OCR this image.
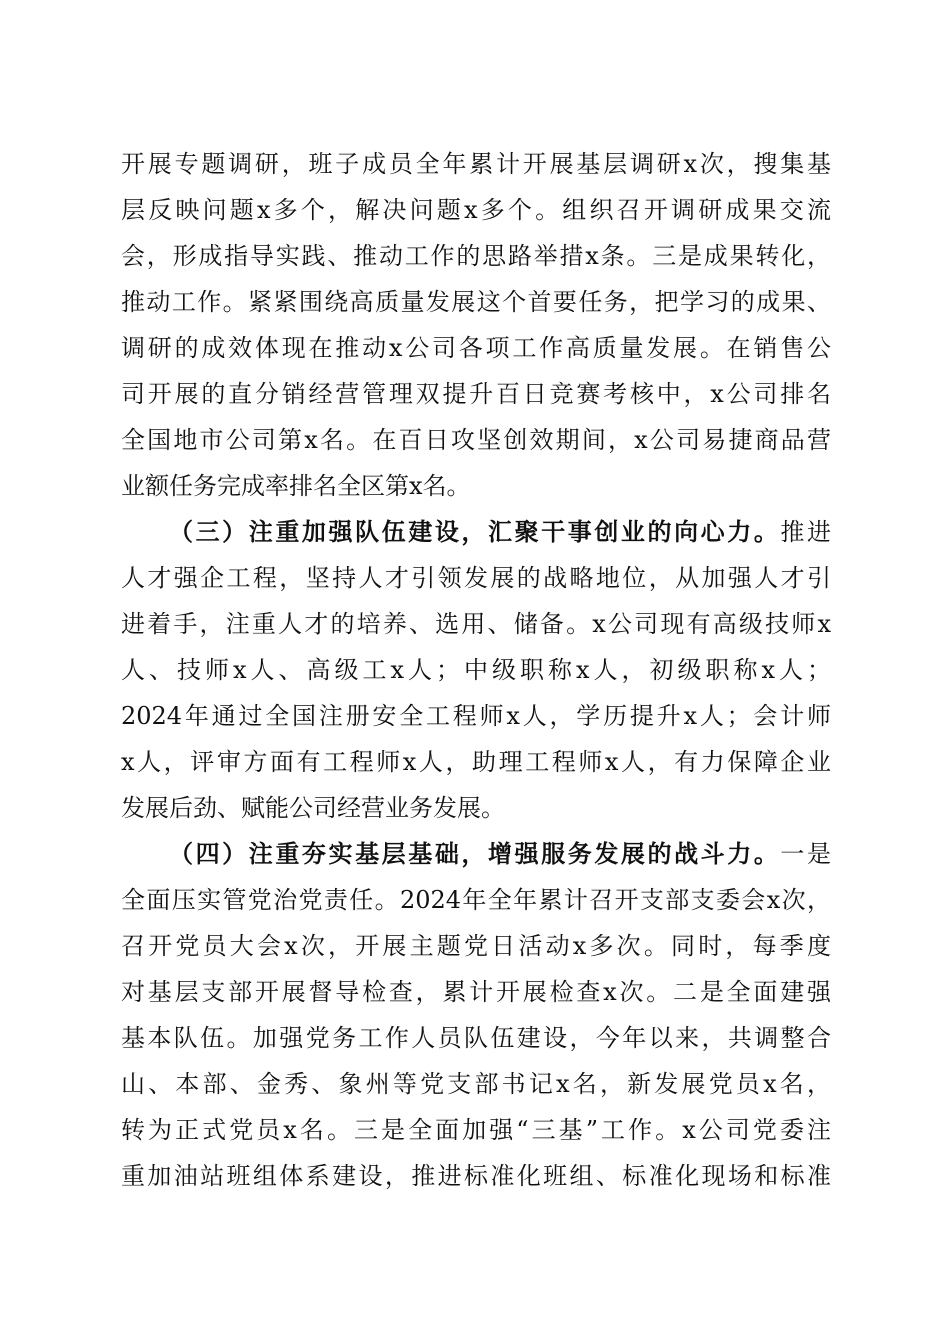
开展专题调研，班子成员全年累计开展基层调研x次，搜集基
层反映问题x多个，解决问题x多个。组织召开调研成果交流
会，形成指导实践、推动工作的思路举措x条。三是成果转化，
推动工作。紧紧围绕高质量发展这个首要任务，把学习的成果、
调研的成效体现在推动x公司各项工作高质量发展。在销售公
司开展的直分销经营管理双提升百日竞赛考核中，x公司排名
全国地市公司第x名。在百日攻坚创效期间，x公司易捷商品营
业额任务完成率排名全区第x名。
（三）注重加强队伍建设，汇聚干事创业的向心力。推进
人才强企工程，坚持人才引领发展的战略地位，从加强人才引
进着手，注重人才的培养、选用、储备。x公司现有高级技师x
人、技师x人、高级工x人；中级职称x人，初级职称x人；
2024年通过全国注册安全工程师x人，学历提升x人；会计师
x人，评审方面有工程师x人，助理工程师x人，有力保障企业
发展后劲、赋能公司经营业务发展。
（四）注重夯实基层基础，增强服务发展的战斗力。一是
全面压实管党治党责任。2024年全年累计召开支部支委会x次，
召开党员大会x次，开展主题党日活动x多次。同时，每季度
对基层支部开展督导检查，累计开展检查x次。二是全面建强
基本队伍。加强党务工作人员队伍建设，今年以来，共调整合
山、本部、金秀、象州等党支部书记x名，新发展党员x名，
转为正式党员x名。三是全面加强“三基”工作。x公司党委注
重加油站班组体系建设，推进标准化班组、标准化现场和标准
